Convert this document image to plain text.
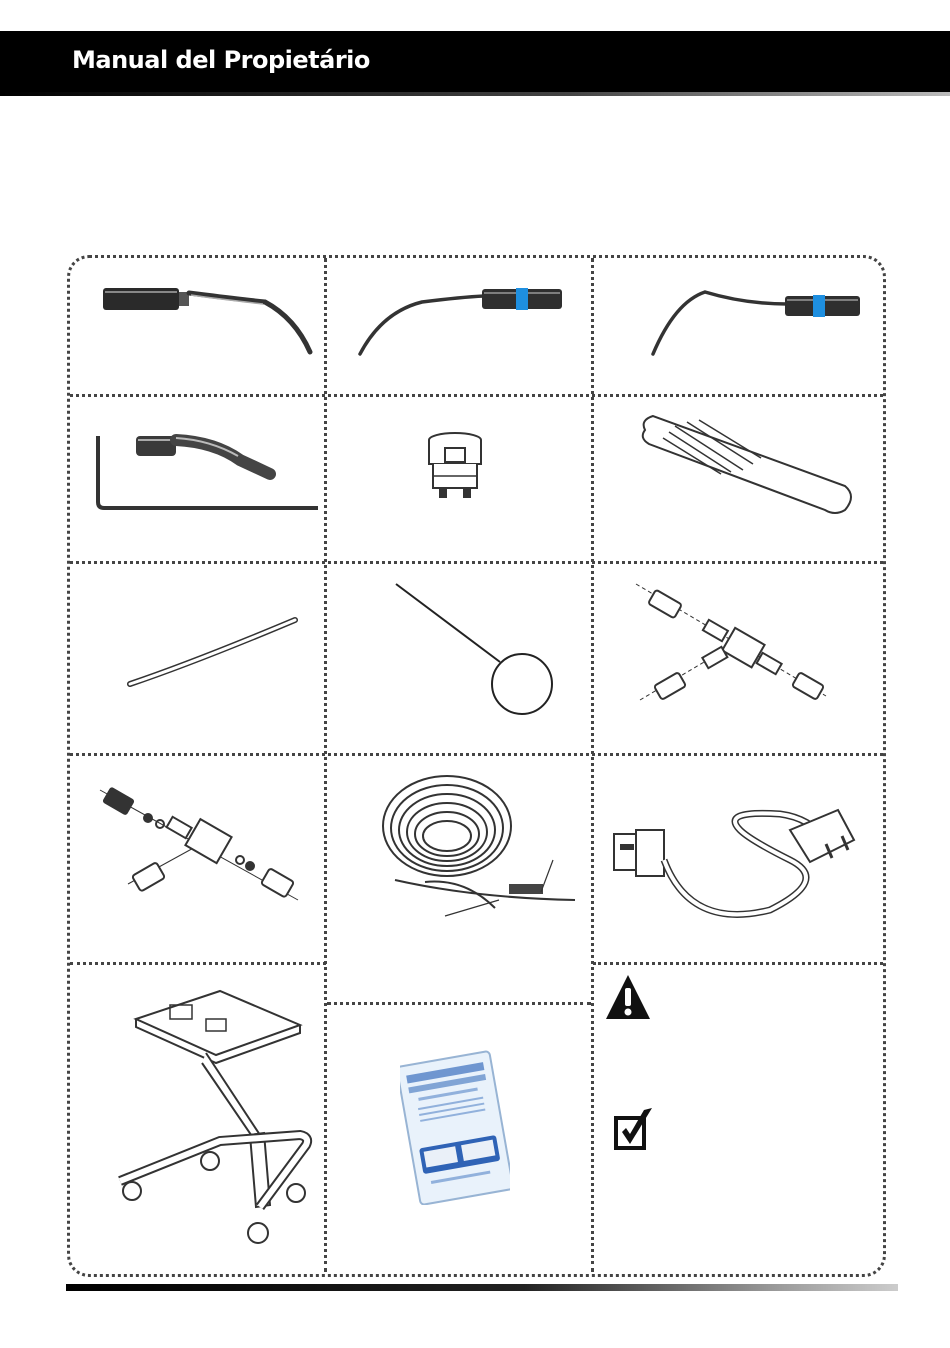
Manual del Propietário
